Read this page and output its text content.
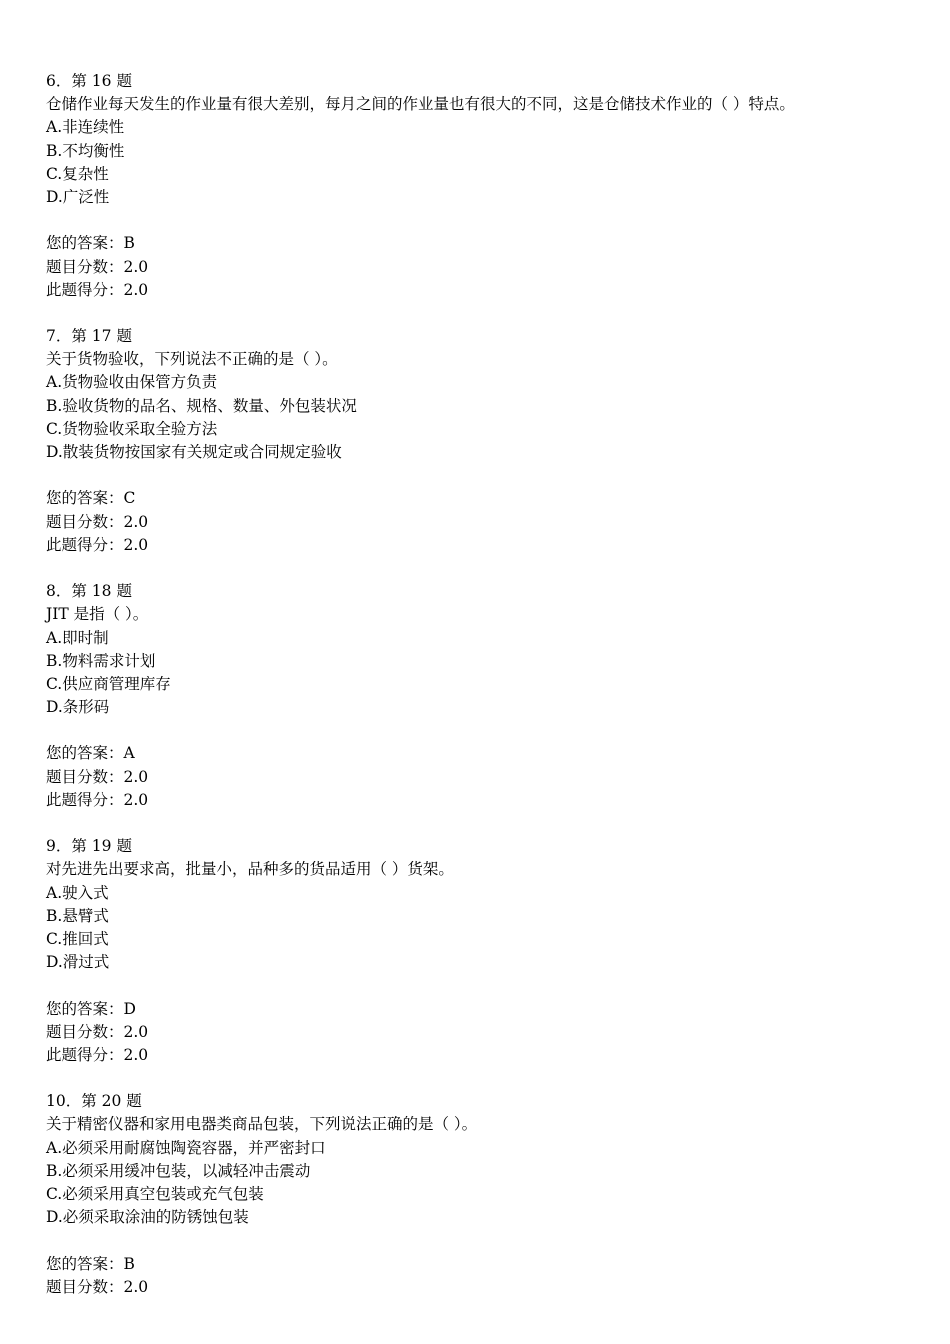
6．第 16 题
仓储作业每天发生的作业量有很大差别，每月之间的作业量也有很大的不同，这是仓储技术作业的（ ）特点。
A.非连续性
B.不均衡性
C.复杂性
D.广泛性
您的答案：B
题目分数：2.0
此题得分：2.0
7．第 17 题
关于货物验收，下列说法不正确的是（ ）。
A.货物验收由保管方负责
B.验收货物的品名、规格、数量、外包装状况
C.货物验收采取全验方法
D.散装货物按国家有关规定或合同规定验收
您的答案：C
题目分数：2.0
此题得分：2.0
8．第 18 题
JIT 是指（ ）。
A.即时制
B.物料需求计划
C.供应商管理库存
D.条形码
您的答案：A
题目分数：2.0
此题得分：2.0
9．第 19 题
对先进先出要求高，批量小，品种多的货品适用（ ）货架。
A.驶入式
B.悬臂式
C.推回式
D.滑过式
您的答案：D
题目分数：2.0
此题得分：2.0
10．第 20 题
关于精密仪器和家用电器类商品包装，下列说法正确的是（ ）。
A.必须采用耐腐蚀陶瓷容器，并严密封口
B.必须采用缓冲包装，以减轻冲击震动
C.必须采用真空包装或充气包装
D.必须采取涂油的防锈蚀包装
您的答案：B
题目分数：2.0
